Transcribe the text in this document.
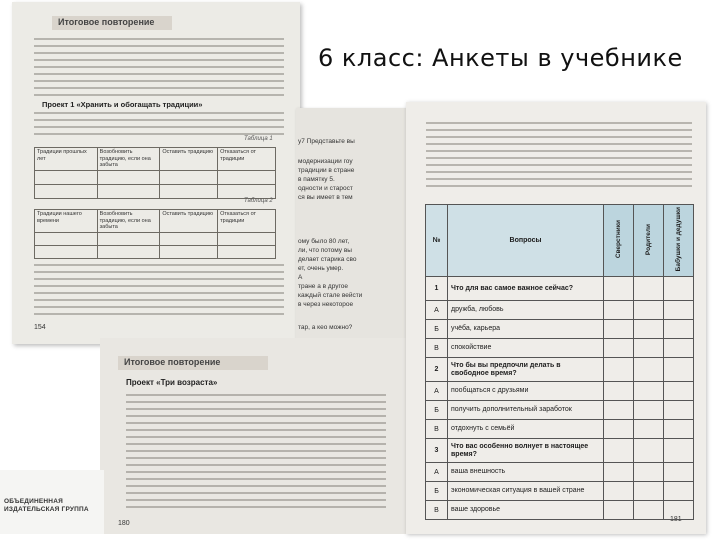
6 класс: Анкеты в учебнике
Итоговое повторение
Проект 1 «Хранить и обогащать традиции»
Таблица 1
Традиции прошлых лет	Возобновить традицию, если она забыта	Оставить традицию	Отказаться от традиции

Таблица 2
Традиции нашего времени	Возобновить традицию, если она забыта	Оставить традицию	Отказаться от традиции

154
у7 Представьте вы
модернизации гоу
традиции в стране
в памятку 5.
одности и старост
ся вы имеет в тем
ому было 80 лет,
ли, что потому вы
делает старика сво
ет, очень умер.
A
тране а в другое
каждый стале вейсти
в через некоторое
тар, а кео можно?
Итоговое повторение
Проект «Три возраста»
180
ОБЪЕДИНЕННАЯ
ИЗДАТЕЛЬСКАЯ ГРУППА
181
№	Вопросы	Сверстники	Родители	Бабушки и дедушки
1	Что для вас самое важное сейчас?			
А	дружба, любовь			
Б	учёба, карьера			
В	спокойствие			
2	Что бы вы предпочли делать в свободное время?			
А	пообщаться с друзьями			
Б	получить дополнительный заработок			
В	отдохнуть с семьёй			
3	Что вас особенно волнует в настоящее время?			
А	ваша внешность			
Б	экономическая ситуация в вашей стране			
В	ваше здоровье			
